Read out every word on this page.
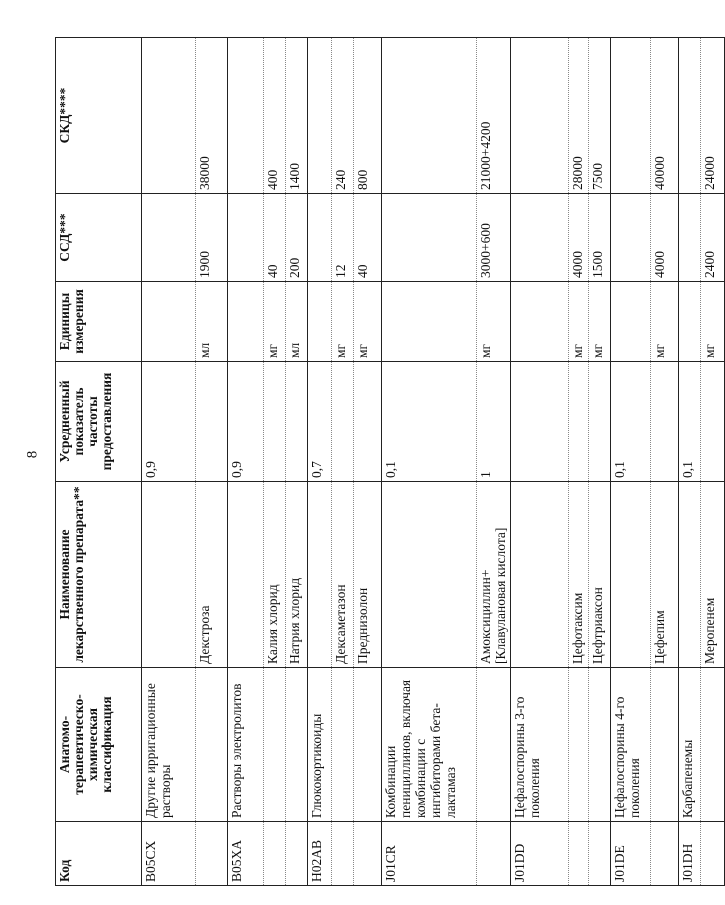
8
Код	Анатомо-терапевтическо-химическая классификация	Наименование лекарственного препарата**	Усредненный показатель частоты предоставления	Единицы измерения	ССД***	СКД****
B05CX	Другие ирригационные растворы		0,9			
		Декстроза		мл	1900	38000
B05XA	Растворы электролитов		0,9			
		Калия хлорид		мг	40	400
		Натрия хлорид		мл	200	1400
H02AB	Глюкокортикоиды		0,7			
		Дексаметазон		мг	12	240
		Преднизолон		мг	40	800
J01CR	Комбинации пенициллинов, включая комбинации с ингибиторами бета-лактамаз		0,1			
		Амоксициллин+ [Клавулановая кислота]	1	мг	3000+600	21000+4200
J01DD	Цефалоспорины 3-го поколения					
		Цефотаксим		мг	4000	28000
		Цефтриаксон		мг	1500	7500
J01DE	Цефалоспорины 4-го поколения		0,1			
		Цефепим		мг	4000	40000
J01DH	Карбапенемы		0,1			
		Меропенем		мг	2400	24000
